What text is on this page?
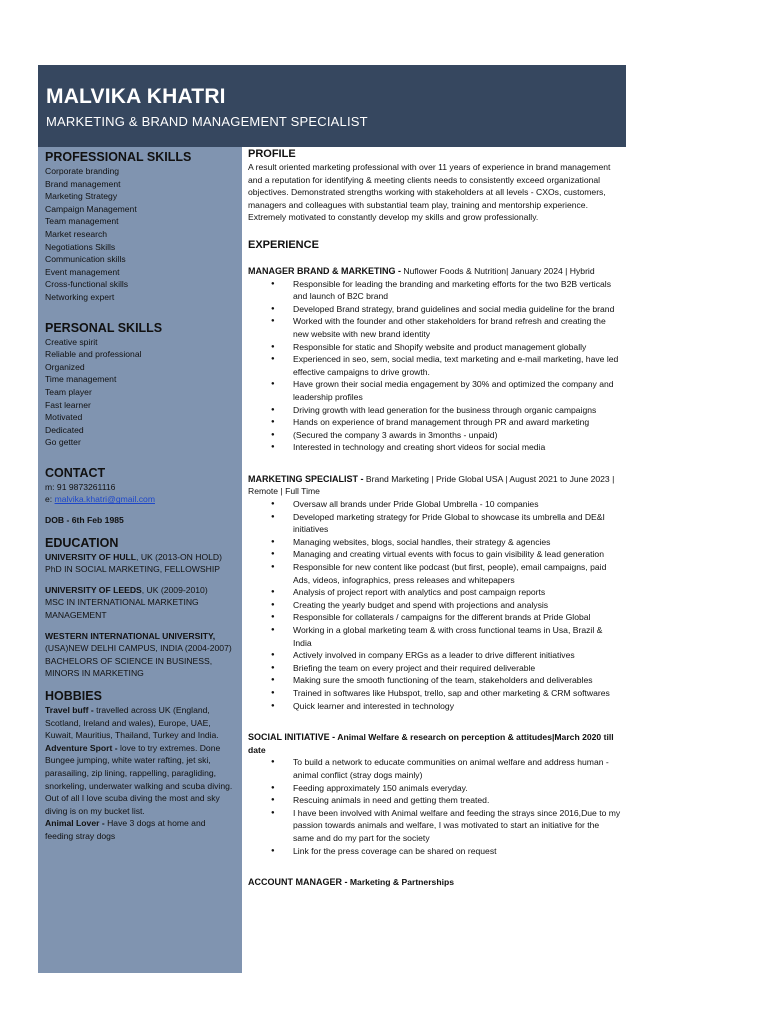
MALVIKA KHATRI
MARKETING & BRAND MANAGEMENT SPECIALIST
PROFESSIONAL SKILLS
Corporate branding
Brand management
Marketing Strategy
Campaign Management
Team management
Market research
Negotiations Skills
Communication skills
Event management
Cross-functional skills
Networking expert
PERSONAL SKILLS
Creative spirit
Reliable and professional
Organized
Time management
Team player
Fast learner
Motivated
Dedicated
Go getter
CONTACT
m: 91 9873261116
e: malvika.khatri@gmail.com
DOB - 6th Feb 1985
EDUCATION
UNIVERSITY OF HULL, UK (2013-ON HOLD)
PhD IN SOCIAL MARKETING, FELLOWSHIP
UNIVERSITY OF LEEDS, UK (2009-2010)
MSC IN INTERNATIONAL MARKETING MANAGEMENT
WESTERN INTERNATIONAL UNIVERSITY, (USA)NEW DELHI CAMPUS, INDIA (2004-2007)
BACHELORS OF SCIENCE IN BUSINESS, MINORS IN MARKETING
HOBBIES
Travel buff - travelled across UK (England, Scotland, Ireland and wales), Europe, UAE, Kuwait, Mauritius, Thailand, Turkey and India.
Adventure Sport - love to try extremes. Done Bungee jumping, white water rafting, jet ski, parasailing, zip lining, rappelling, paragliding, snorkeling, underwater walking and scuba diving.
Out of all I love scuba diving the most and sky diving is on my bucket list.
Animal Lover - Have 3 dogs at home and feeding stray dogs
PROFILE

A result oriented marketing professional with over 11 years of experience in brand management and a reputation for identifying & meeting clients needs to consistently exceed organizational objectives. Demonstrated strengths working with stakeholders at all levels - CXOs, customers, managers and colleagues with substantial team play, training and mentorship experience. Extremely motivated to constantly develop my skills and grow professionally.

EXPERIENCE

MANAGER BRAND & MARKETING - Nuflower Foods & Nutrition| January 2024 | Hybrid

● Responsible for leading the branding and marketing efforts for the two B2B verticals and launch of B2C brand
● Developed Brand strategy, brand guidelines and social media guideline for the brand
● Worked with the founder and other stakeholders for brand refresh and creating the new website with new brand identity
● Responsible for static and Shopify website and product management globally
● Experienced in seo, sem, social media, text marketing and e-mail marketing, have led effective campaigns to drive growth.
● Have grown their social media engagement by 30% and optimized the company and leadership profiles
● Driving growth with lead generation for the business through organic campaigns
● Hands on experience of brand management through PR and award marketing
● (Secured the company 3 awards in 3months - unpaid)
● Interested in technology and creating short videos for social media

MARKETING SPECIALIST - Brand Marketing | Pride Global USA | August 2021 to June 2023 | Remote | Full Time

● Oversaw all brands under Pride Global Umbrella - 10 companies
● Developed marketing strategy for Pride Global to showcase its umbrella and DE&I initiatives
● Managing websites, blogs, social handles, their strategy & agencies
● Managing and creating virtual events with focus to gain visibility & lead generation
● Responsible for new content like podcast (but first, people), email campaigns, paid Ads, videos, infographics, press releases and whitepapers
● Analysis of project report with analytics and post campaign reports
● Creating the yearly budget and spend with projections and analysis
● Responsible for collaterals / campaigns for the different brands at Pride Global
● Working in a global marketing team & with cross functional teams in Usa, Brazil & India
● Actively involved in company ERGs as a leader to drive different initiatives
● Briefing the team on every project and their required deliverable
● Making sure the smooth functioning of the team, stakeholders and deliverables
● Trained in softwares like Hubspot, trello, sap and other marketing & CRM softwares
● Quick learner and interested in technology

SOCIAL INITIATIVE - Animal Welfare & research on perception & attitudes|March 2020 till date

● To build a network to educate communities on animal welfare and address human - animal conflict (stray dogs mainly)
● Feeding approximately 150 animals everyday.
● Rescuing animals in need and getting them treated.
● I have been involved with Animal welfare and feeding the strays since 2016,Due to my passion towards animals and welfare, I was motivated to start an initiative for the same and do my part for the society
● Link for the press coverage can be shared on request

ACCOUNT MANAGER - Marketing & Partnerships
